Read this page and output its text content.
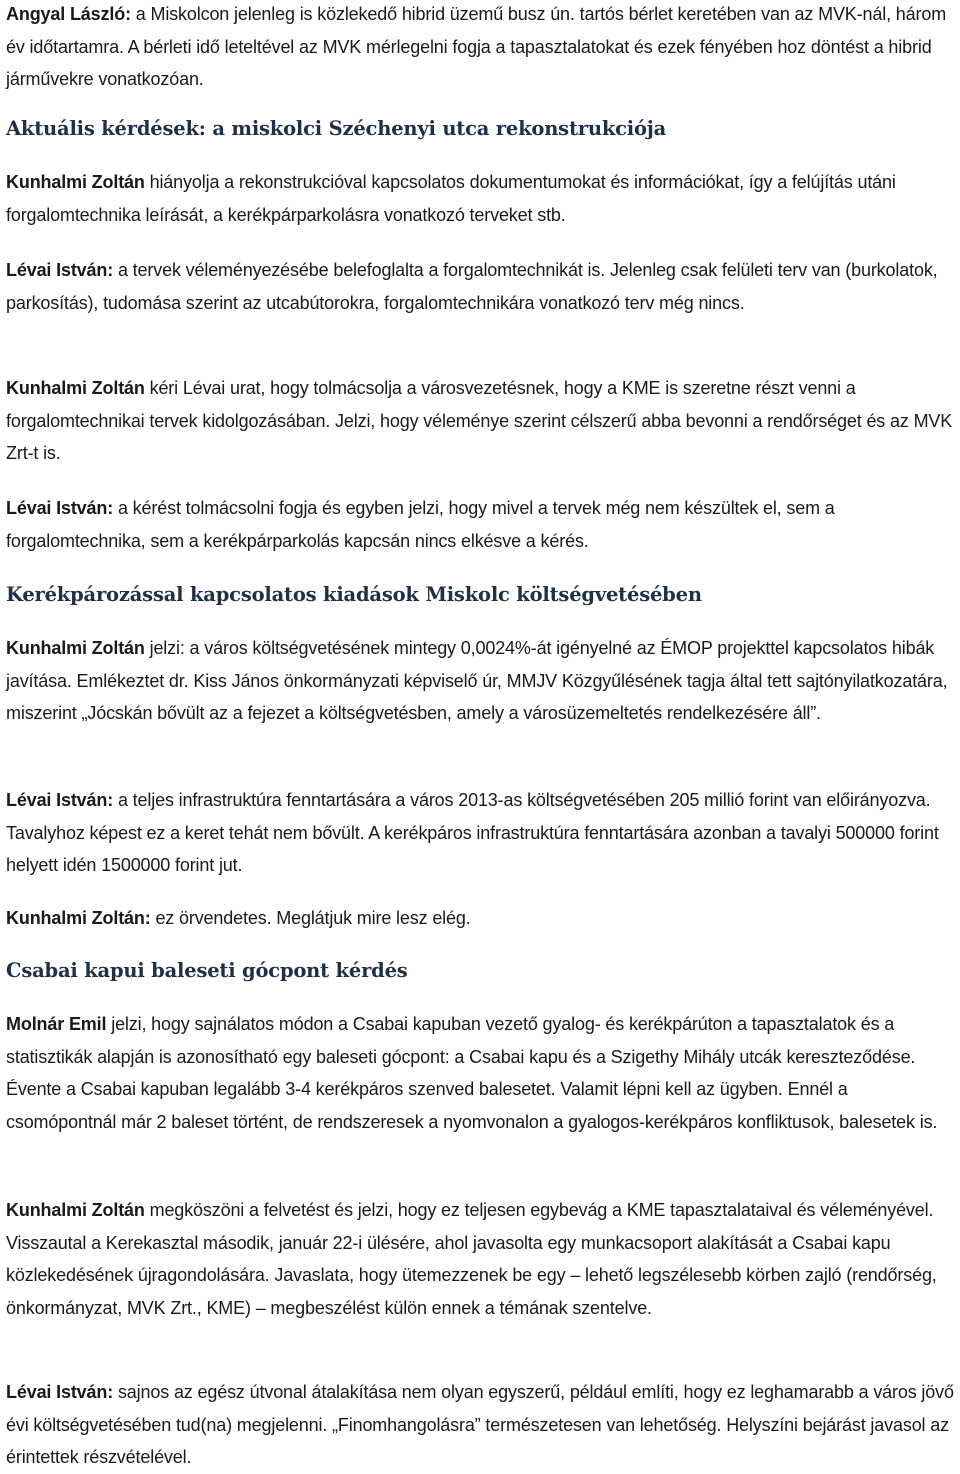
Angyal László: a Miskolcon jelenleg is közlekedő hibrid üzemű busz ún. tartós bérlet keretében van az MVK-nál, három év időtartamra. A bérleti idő leteltével az MVK mérlegelni fogja a tapasztalatokat és ezek fényében hoz döntést a hibrid járművekre vonatkozóan.

Aktuális kérdések: a miskolci Széchenyi utca rekonstrukciója

Kunhalmi Zoltán hiányolja a rekonstrukcióval kapcsolatos dokumentumokat és információkat, így a felújítás utáni forgalomtechnika leírását, a kerékpárparkolásra vonatkozó terveket stb.

Lévai István: a tervek véleményezésébe belefoglalta a forgalomtechnikát is. Jelenleg csak felületi terv van (burkolatok, parkosítás), tudomása szerint az utcabútorokra, forgalomtechnikára vonatkozó terv még nincs.

Kunhalmi Zoltán kéri Lévai urat, hogy tolmácsolja a városvezetésnek, hogy a KME is szeretne részt venni a forgalomtechnikai tervek kidolgozásában. Jelzi, hogy véleménye szerint célszerű abba bevonni a rendőrséget és az MVK Zrt-t is.

Lévai István: a kérést tolmácsolni fogja és egyben jelzi, hogy mivel a tervek még nem készültek el, sem a forgalomtechnika, sem a kerékpárparkolás kapcsán nincs elkésve a kérés.

Kerékpározással kapcsolatos kiadások Miskolc költségvetésében

Kunhalmi Zoltán jelzi: a város költségvetésének mintegy 0,0024%-át igényelné az ÉMOP projekttel kapcsolatos hibák javítása. Emlékeztet dr. Kiss János önkormányzati képviselő úr, MMJV Közgyűlésének tagja által tett sajtónyilatkozatára, miszerint „Jócskán bővült az a fejezet a költségvetésben, amely a városüzemeltetés rendelkezésére áll”.

Lévai István: a teljes infrastruktúra fenntartására a város 2013-as költségvetésében 205 millió forint van előirányozva. Tavalyhoz képest ez a keret tehát nem bővült. A kerékpáros infrastruktúra fenntartására azonban a tavalyi 500000 forint helyett idén 1500000 forint jut.

Kunhalmi Zoltán: ez örvendetes. Meglátjuk mire lesz elég.

Csabai kapui baleseti gócpont kérdés

Molnár Emil jelzi, hogy sajnálatos módon a Csabai kapuban vezető gyalog- és kerékpárúton a tapasztalatok és a statisztikák alapján is azonosítható egy baleseti gócpont: a Csabai kapu és a Szigethy Mihály utcák kereszteződése. Évente a Csabai kapuban legalább 3-4 kerékpáros szenved balesetet. Valamit lépni kell az ügyben. Ennél a csomópontnál már 2 baleset történt, de rendszeresek a nyomvonalon a gyalogos-kerékpáros konfliktusok, balesetek is.

Kunhalmi Zoltán megköszöni a felvetést és jelzi, hogy ez teljesen egybevág a KME tapasztalataival és véleményével. Visszautal a Kerekasztal második, január 22-i ülésére, ahol javasolta egy munkacsoport alakítását a Csabai kapu közlekedésének újragondolására. Javaslata, hogy ütemezzenek be egy – lehető legszélesebb körben zajló (rendőrség, önkormányzat, MVK Zrt., KME) – megbeszélést külön ennek a témának szentelve.

Lévai István: sajnos az egész útvonal átalakítása nem olyan egyszerű, például említi, hogy ez leghamarabb a város jövő évi költségvetésében tud(na) megjelenni. „Finomhangolásra” természetesen van lehetőség. Helyszíni bejárást javasol az érintettek részvételével.
